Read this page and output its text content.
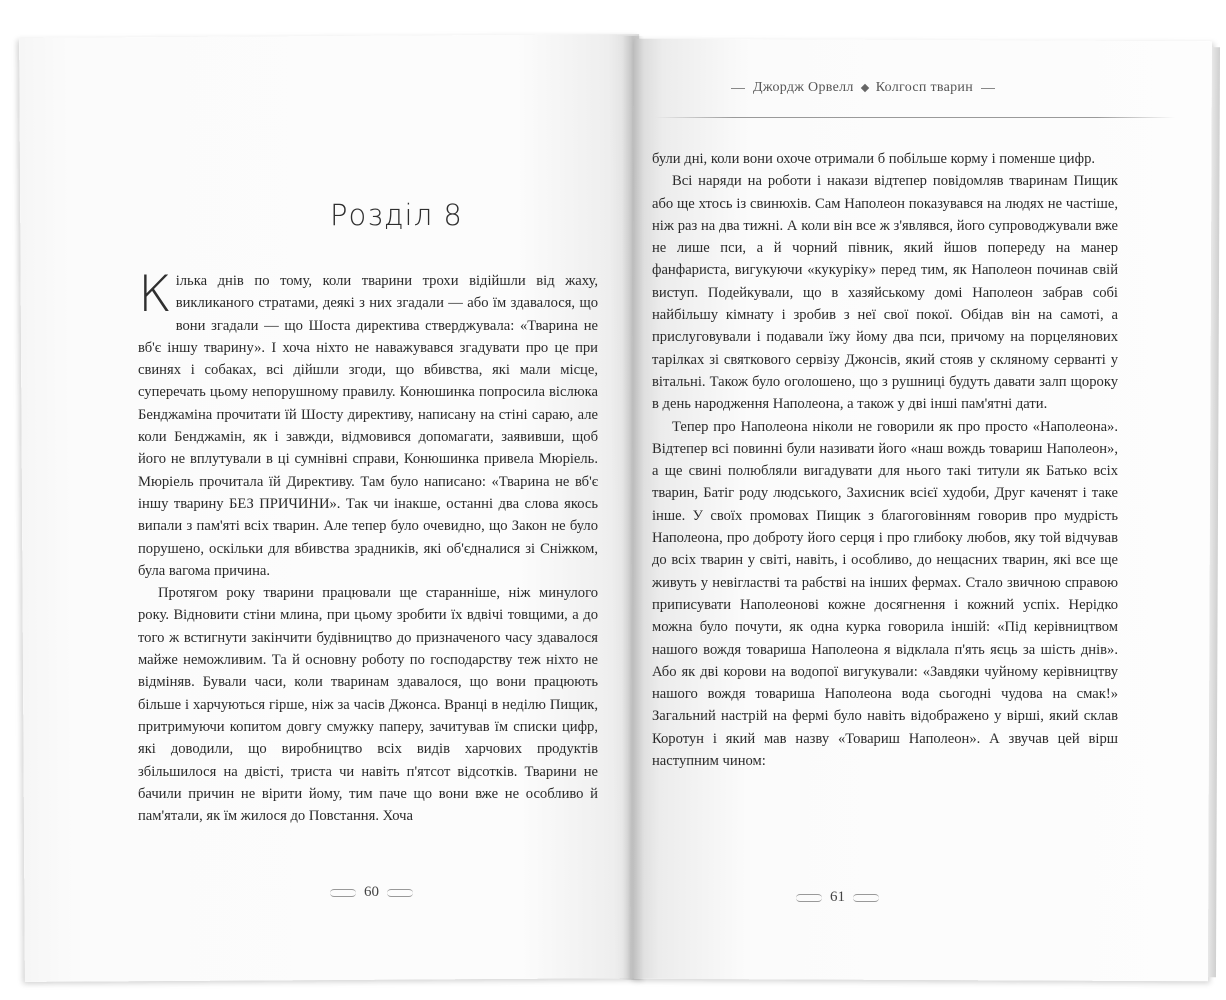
Розділ 8

Кілька днів по тому, коли тварини трохи відійшли від жаху, викликаного стратами, деякі з них згадали — або їм здавалося, що вони згадали — що Шоста директива стверджувала: «Тварина не вб'є іншу тварину». І хоча ніхто не наважувався згадувати про це при свинях і собаках, всі дійшли згоди, що вбивства, які мали місце, суперечать цьому непорушному правилу. Конюшинка попросила віслюка Бенджаміна прочитати їй Шосту директиву, написану на стіні сараю, але коли Бенджамін, як і завжди, відмовився допомагати, заявивши, щоб його не вплутували в ці сумнівні справи, Конюшинка привела Мюріель. Мюріель прочитала їй Директиву. Там було написано: «Тварина не вб'є іншу тварину БЕЗ ПРИЧИНИ». Так чи інакше, останні два слова якось випали з пам'яті всіх тварин. Але тепер було очевидно, що Закон не було порушено, оскільки для вбивства зрадників, які об'єдналися зі Сніжком, була вагома причина.

Протягом року тварини працювали ще старанніше, ніж минулого року. Відновити стіни млина, при цьому зробити їх вдвічі товщими, а до того ж встигнути закінчити будівництво до призначеного часу здавалося майже неможливим. Та й основну роботу по господарству теж ніхто не відміняв. Бували часи, коли тваринам здавалося, що вони працюють більше і харчуються гірше, ніж за часів Джонса. Вранці в неділю Пищик, притримуючи копитом довгу смужку паперу, зачитував їм списки цифр, які доводили, що виробництво всіх видів харчових продуктів збільшилося на двісті, триста чи навіть п'ятсот відсотків. Тварини не бачили причин не вірити йому, тим паче що вони вже не особливо й пам'ятали, як їм жилося до Повстання. Хоча

60
Джордж Орвелл Колгосп тварин

були дні, коли вони охоче отримали б побільше корму і поменше цифр.

Всі наряди на роботи і накази відтепер повідомляв тваринам Пищик або ще хтось із свинюхів. Сам Наполеон показувався на людях не частіше, ніж раз на два тижні. А коли він все ж з'являвся, його супроводжували вже не лише пси, а й чорний півник, який йшов попереду на манер фанфариста, вигукуючи «кукуріку» перед тим, як Наполеон починав свій виступ. Подейкували, що в хазяйському домі Наполеон забрав собі найбільшу кімнату і зробив з неї свої покої. Обідав він на самоті, а прислуговували і подавали їжу йому два пси, причому на порцелянових тарілках зі святкового сервізу Джонсів, який стояв у скляному серванті у вітальні. Також було оголошено, що з рушниці будуть давати залп щороку в день народження Наполеона, а також у дві інші пам'ятні дати.

Тепер про Наполеона ніколи не говорили як про просто «Наполеона». Відтепер всі повинні були називати його «наш вождь товариш Наполеон», а ще свині полюбляли вигадувати для нього такі титули як Батько всіх тварин, Батіг роду людського, Захисник всієї худоби, Друг каченят і таке інше. У своїх промовах Пищик з благоговінням говорив про мудрість Наполеона, про доброту його серця і про глибоку любов, яку той відчував до всіх тварин у світі, навіть, і особливо, до нещасних тварин, які все ще живуть у невігластві та рабстві на інших фермах. Стало звичною справою приписувати Наполеонові кожне досягнення і кожний успіх. Нерідко можна було почути, як одна курка говорила іншій: «Під керівництвом нашого вождя товариша Наполеона я відклала п'ять яєць за шість днів». Або як дві корови на водопої вигукували: «Завдяки чуйному керівництву нашого вождя товариша Наполеона вода сьогодні чудова на смак!» Загальний настрій на фермі було навіть відображено у вірші, який склав Коротун і який мав назву «Товариш Наполеон». А звучав цей вірш наступним чином:

61
